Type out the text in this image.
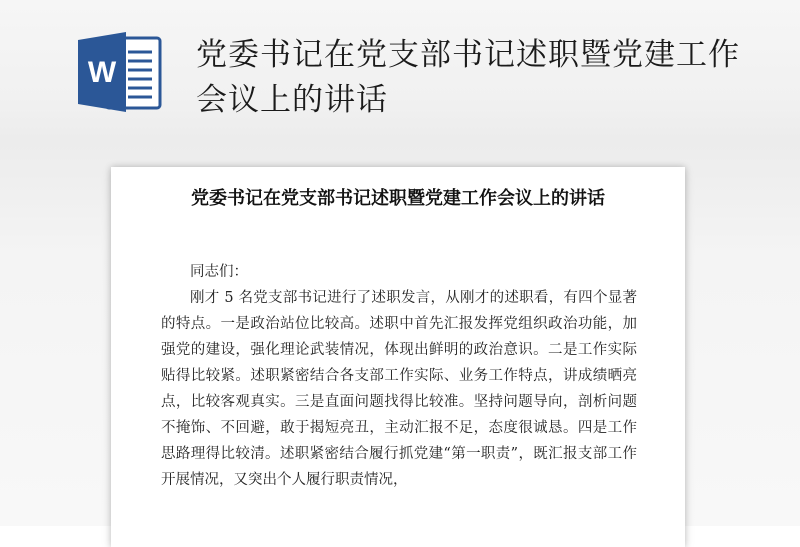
W	党委书记在党支部书记述职暨党建工作会议上的讲话
党委书记在党支部书记述职暨党建工作会议上的讲话

同志们：

刚才 5 名党支部书记进行了述职发言，从刚才的述职看，有四个显著的特点。一是政治站位比较高。述职中首先汇报发挥党组织政治功能，加强党的建设，强化理论武装情况，体现出鲜明的政治意识。二是工作实际贴得比较紧。述职紧密结合各支部工作实际、业务工作特点，讲成绩晒亮点，比较客观真实。三是直面问题找得比较准。坚持问题导向，剖析问题不掩饰、不回避，敢于揭短亮丑，主动汇报不足，态度很诚恳。四是工作思路理得比较清。述职紧密结合履行抓党建“第一职责”，既汇报支部工作开展情况，又突出个人履行职责情况，
